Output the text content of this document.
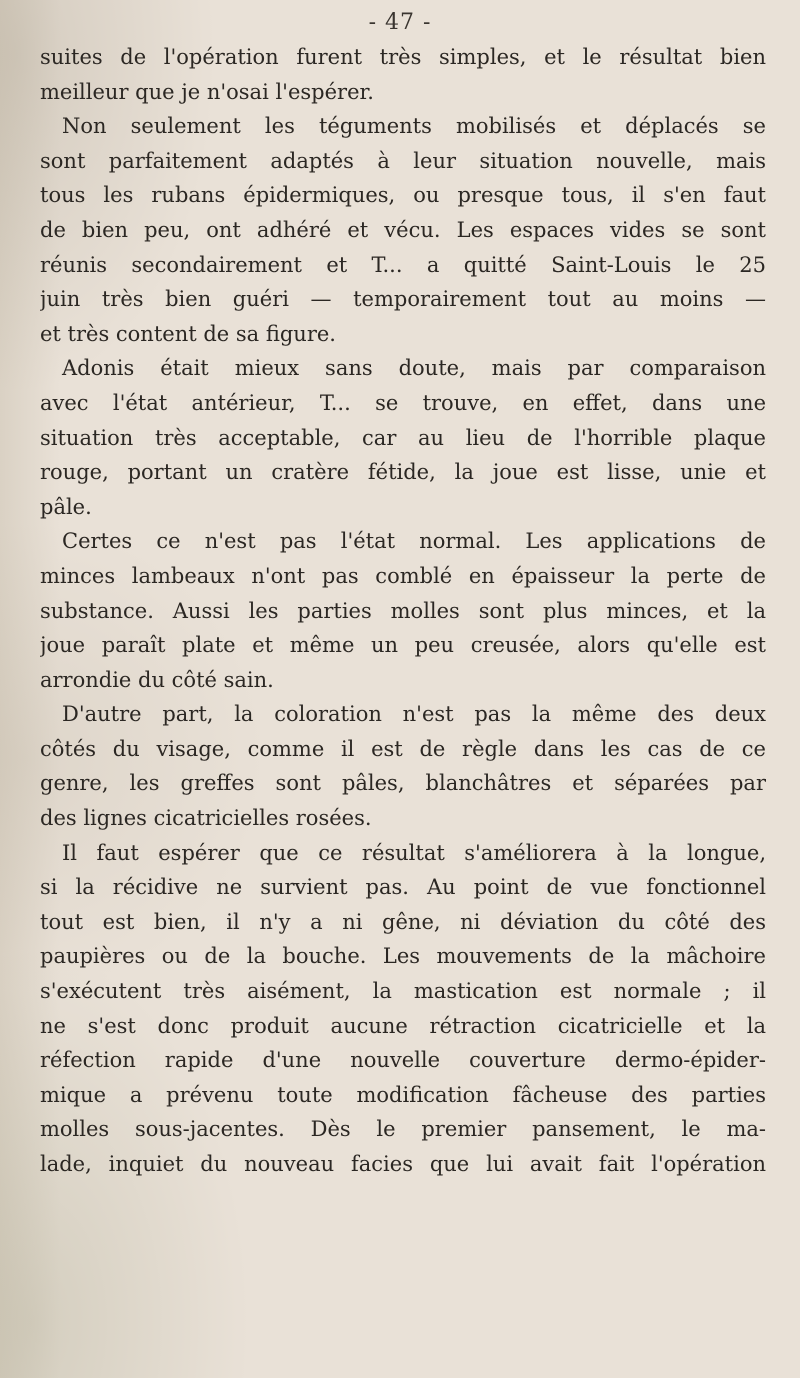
- 47 -
suites de l'opération furent très simples, et le résultat bien
meilleur que je n'osai l'espérer.
Non seulement les téguments mobilisés et déplacés se
sont parfaitement adaptés à leur situation nouvelle, mais
tous les rubans épidermiques, ou presque tous, il s'en faut
de bien peu, ont adhéré et vécu. Les espaces vides se sont
réunis secondairement et T... a quitté Saint-Louis le 25
juin très bien guéri — temporairement tout au moins —
et très content de sa figure.
Adonis était mieux sans doute, mais par comparaison
avec l'état antérieur, T... se trouve, en effet, dans une
situation très acceptable, car au lieu de l'horrible plaque
rouge, portant un cratère fétide, la joue est lisse, unie et
pâle.
Certes ce n'est pas l'état normal. Les applications de
minces lambeaux n'ont pas comblé en épaisseur la perte de
substance. Aussi les parties molles sont plus minces, et la
joue paraît plate et même un peu creusée, alors qu'elle est
arrondie du côté sain.
D'autre part, la coloration n'est pas la même des deux
côtés du visage, comme il est de règle dans les cas de ce
genre, les greffes sont pâles, blanchâtres et séparées par
des lignes cicatricielles rosées.
Il faut espérer que ce résultat s'améliorera à la longue,
si la récidive ne survient pas. Au point de vue fonctionnel
tout est bien, il n'y a ni gêne, ni déviation du côté des
paupières ou de la bouche. Les mouvements de la mâchoire
s'exécutent très aisément, la mastication est normale ; il
ne s'est donc produit aucune rétraction cicatricielle et la
réfection rapide d'une nouvelle couverture dermo-épider-
mique a prévenu toute modification fâcheuse des parties
molles sous-jacentes. Dès le premier pansement, le ma-
lade, inquiet du nouveau facies que lui avait fait l'opération
